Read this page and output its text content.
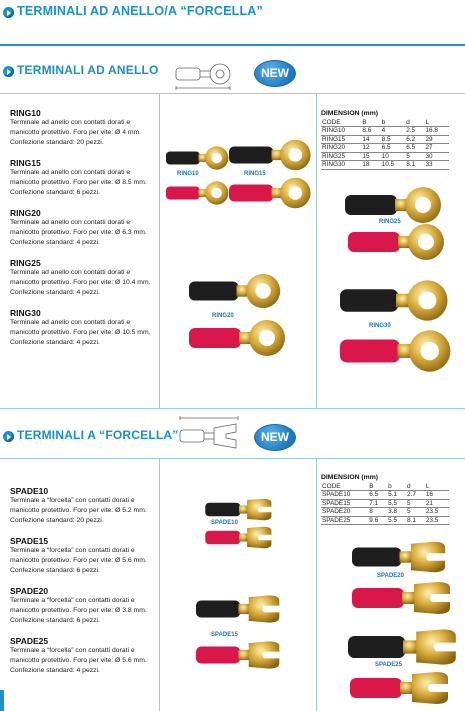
TERMINALI AD ANELLO/A “FORCELLA”
TERMINALI AD ANELLO	NEW
RING10
Terminale ad anello con contatti dorati e manicotto protettivo. Foro per vite: Ø 4 mm. Confezione standard: 20 pezzi.
RING15
Terminale ad anello con contatti dorati e manicotto protettivo. Foro per vite: Ø 8.5 mm. Confezione standard: 6 pezzi.
RING20
Terminale ad anello con contatti dorati e manicotto protettivo. Foro per vite: Ø 6.3 mm. Confezione standard: 4 pezzi.
RING25
Terminale ad anello con contatti dorati e manicotto protettivo. Foro per vite: Ø 10.4 mm. Confezione standard: 4 pezzi.
RING30
Terminale ad anello con contatti dorati e manicotto protettivo. Foro per vite: Ø 10.5 mm. Confezione standard: 4 pezzi.
RING10	RING15
RING20
DIMENSION (mm)
CODE	B	b	d	L
RING10	8.6	4	2.5	16.8
RING15	14	8.5	6.2	29
RING20	12	6.5	6.5	27
RING25	15	10	5	30
RING30	18	10.5	8.1	33
RING25
RING30
TERMINALI A “FORCELLA”	NEW
SPADE10
Terminale a “forcella” con contatti dorati e manicotto protettivo. Foro per vite: Ø 5.2 mm. Confezione standard: 20 pezzi.
SPADE15
Terminale a “forcella” con contatti dorati e manicotto protettivo. Foro per vite: Ø 5.6 mm. Confezione standard: 6 pezzi.
SPADE20
Terminale a “forcella” con contatti dorati e manicotto protettivo. Foro per vite: Ø 3.8 mm. Confezione standard: 6 pezzi.
SPADE25
Terminale a “forcella” con contatti dorati e manicotto protettivo. Foro per vite: Ø 5.6 mm. Confezione standard: 4 pezzi.
SPADE10
SPADE15
DIMENSION (mm)
CODE	B	b	d	L
SPADE10	6.5	5.1	2.7	16
SPADE15	7.1	5.5	5	21
SPADE20	8	3.8	5	23.5
SPADE25	9.6	5.5	8.1	23.5
SPADE20
SPADE25
